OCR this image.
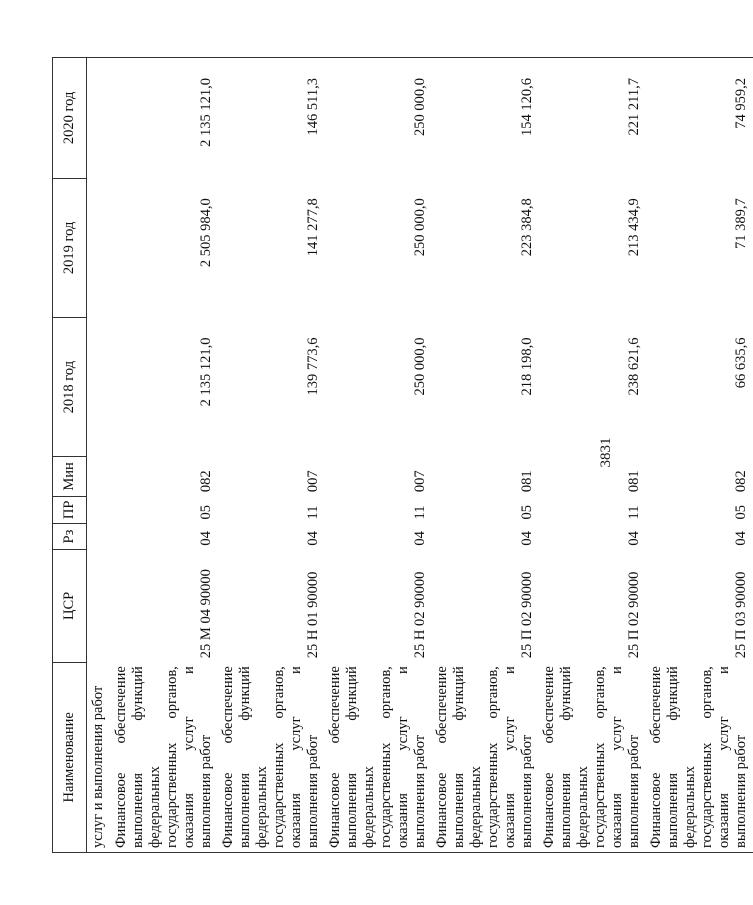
3831
Наименование	ЦСР	Рз	ПР	Мин	2018 год	2019 год	2020 год
услуг и выполнения работ							
Финансовое обеспечение выполнения функций федеральных государственных органов, оказания услуг и выполнения работ	25 М 04 90000	04	05	082	2 135 121,0	2 505 984,0	2 135 121,0
Финансовое обеспечение выполнения функций федеральных государственных органов, оказания услуг и выполнения работ	25 Н 01 90000	04	11	007	139 773,6	141 277,8	146 511,3
Финансовое обеспечение выполнения функций федеральных государственных органов, оказания услуг и выполнения работ	25 Н 02 90000	04	11	007	250 000,0	250 000,0	250 000,0
Финансовое обеспечение выполнения функций федеральных государственных органов, оказания услуг и выполнения работ	25 П 02 90000	04	05	081	218 198,0	223 384,8	154 120,6
Финансовое обеспечение выполнения функций федеральных государственных органов, оказания услуг и выполнения работ	25 П 02 90000	04	11	081	238 621,6	213 434,9	221 211,7
Финансовое обеспечение выполнения функций федеральных государственных органов, оказания услуг и выполнения работ	25 П 03 90000	04	05	082	66 635,6	71 389,7	74 959,2
